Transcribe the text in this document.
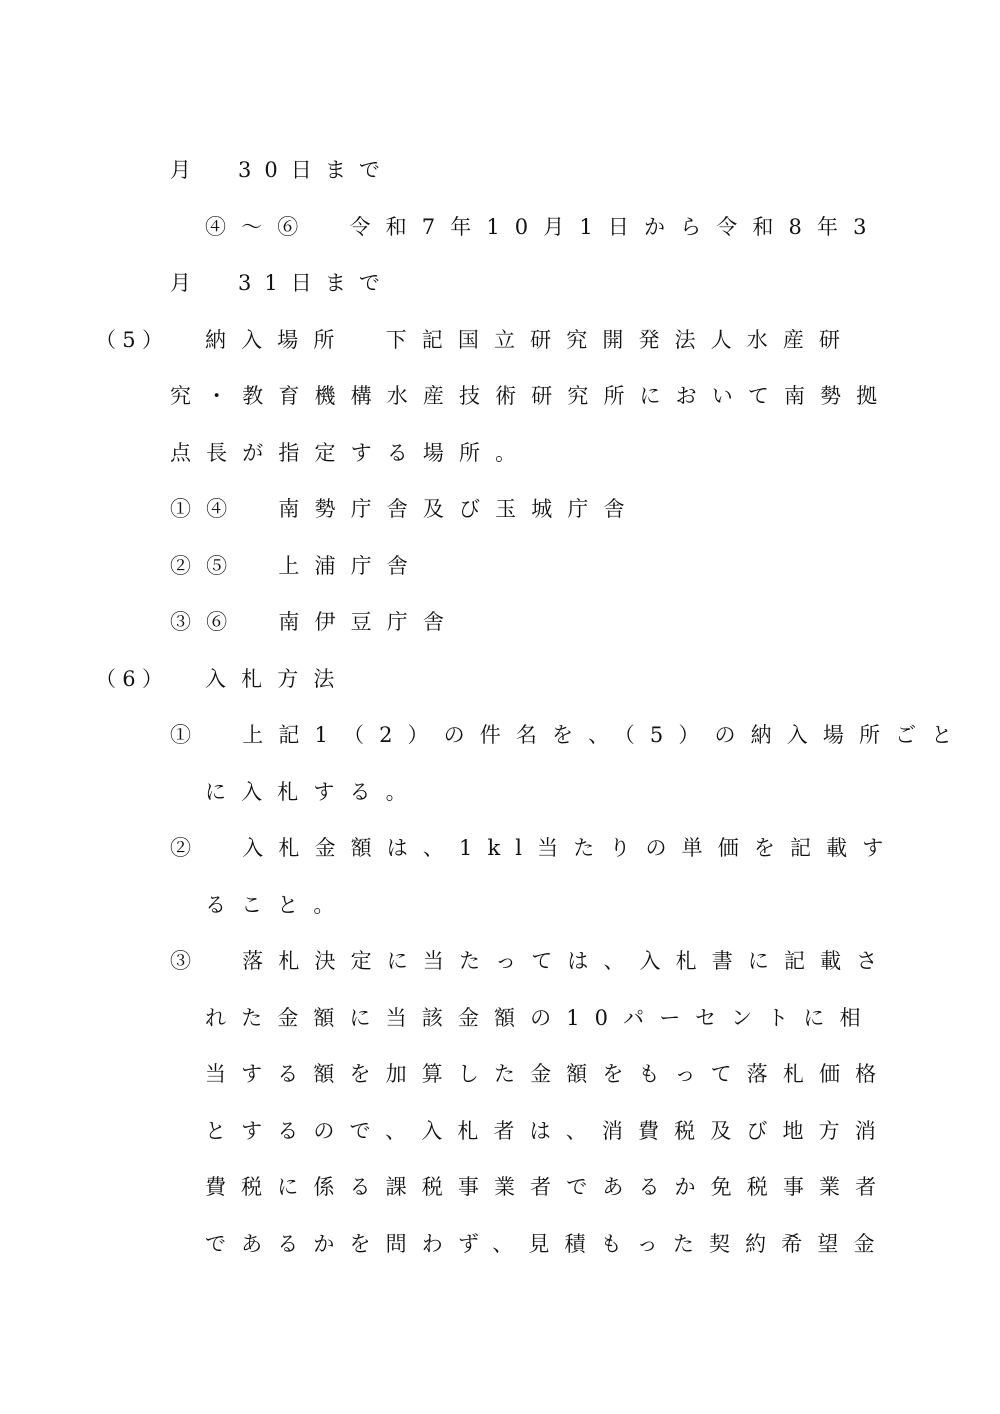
月　30日まで
④～⑥　令和7年10月1日から令和8年3
月　31日まで
（5） 納入場所　下記国立研究開発法人水産研
究・教育機構水産技術研究所において南勢拠
点長が指定する場所。
①④　南勢庁舎及び玉城庁舎
②⑤　上浦庁舎
③⑥　南伊豆庁舎
（6） 入札方法
①　上記1（2）の件名を、（5）の納入場所ごと
に入札する。
②　入札金額は、1kl当たりの単価を記載す
ること。
③　落札決定に当たっては、入札書に記載さ
れた金額に当該金額の10パーセントに相
当する額を加算した金額をもって落札価格
とするので、入札者は、消費税及び地方消
費税に係る課税事業者であるか免税事業者
であるかを問わず、見積もった契約希望金
